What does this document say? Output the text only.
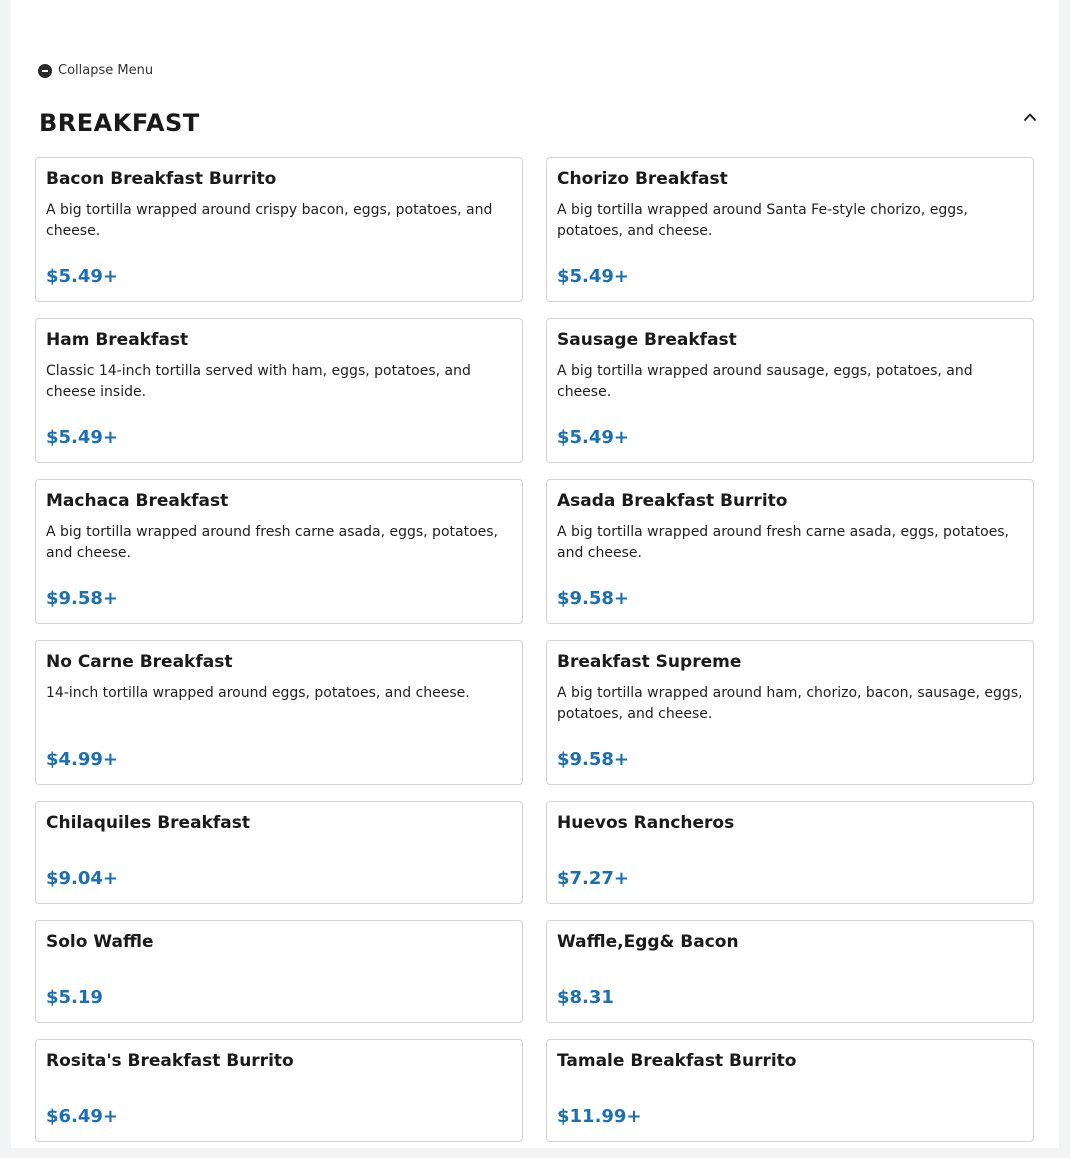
Collapse Menu
BREAKFAST
Bacon Breakfast Burrito

A big tortilla wrapped around crispy bacon, eggs, potatoes, and cheese.

$5.49+
Chorizo Breakfast

A big tortilla wrapped around Santa Fe-style chorizo, eggs, potatoes, and cheese.

$5.49+
Ham Breakfast

Classic 14-inch tortilla served with ham, eggs, potatoes, and cheese inside.

$5.49+
Sausage Breakfast

A big tortilla wrapped around sausage, eggs, potatoes, and cheese.

$5.49+
Machaca Breakfast

A big tortilla wrapped around fresh carne asada, eggs, potatoes, and cheese.

$9.58+
Asada Breakfast Burrito

A big tortilla wrapped around fresh carne asada, eggs, potatoes, and cheese.

$9.58+
No Carne Breakfast

14-inch tortilla wrapped around eggs, potatoes, and cheese.

$4.99+
Breakfast Supreme

A big tortilla wrapped around ham, chorizo, bacon, sausage, eggs, potatoes, and cheese.

$9.58+
Chilaquiles Breakfast
$9.04+
Huevos Rancheros
$7.27+
Solo Waffle
$5.19
Waffle,Egg& Bacon
$8.31
Rosita's Breakfast Burrito
$6.49+
Tamale Breakfast Burrito
$11.99+
